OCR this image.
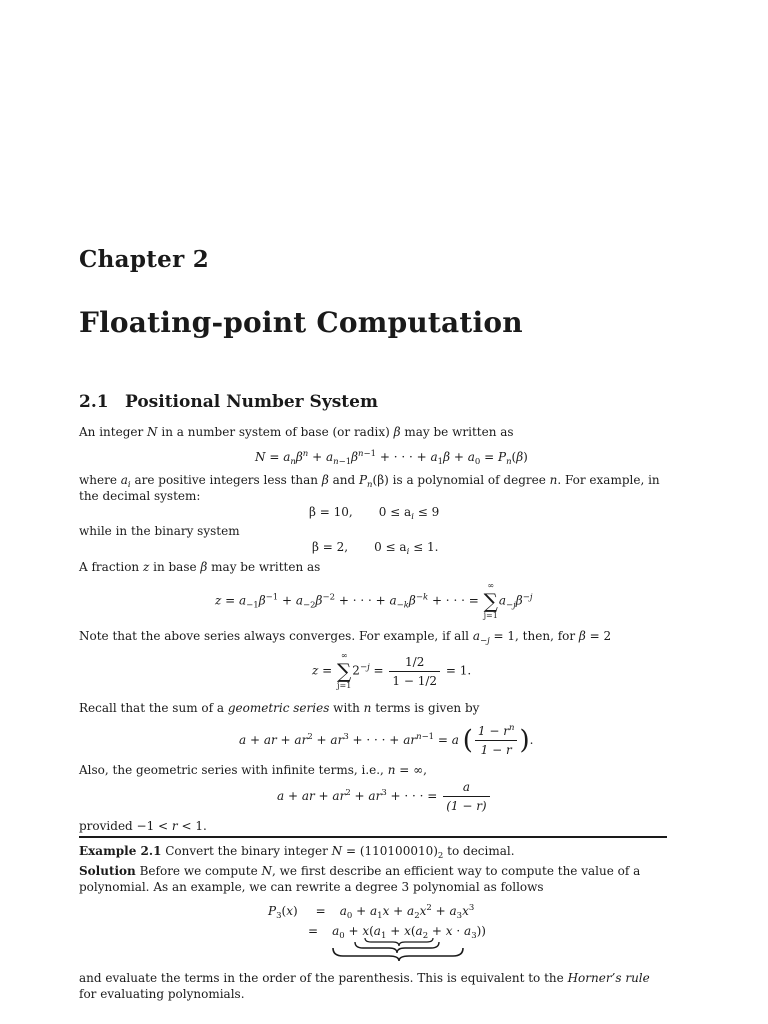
Chapter 2
Floating-point Computation
2.1 Positional Number System
An integer N in a number system of base (or radix) β may be written as
$N = a_n\beta^n + a_{n-1}\beta^{n-1}$ + · · · + $a_1\beta + a_0 = P_n(\beta)$
where $a_i$ are positive integers less than β and $P_n(\beta)$ is a polynomial of degree n. For example, in the decimal system:
β = 10, $0 \le a_i \le 9$
while in the binary system
β = 2, $0 \le a_i \le 1$.
A fraction z in base β may be written as
$z = a_{-1}\beta^{-1} + a_{-2}\beta^{-2}$ + · · · + $a_{-k}\beta^{-k}$ + · · · =
∞
∑
j=1
$a_{-j}\beta^{-j}$
Note that the above series always converges. For example, if all $a_{-j} = 1$, then, for β = 2
z =
∞
∑
j=1
$2^{-j} = \frac{1/2}{1 - 1/2} = 1$.
Recall that the sum of a geometric series with n terms is given by
a + ar + $ar^2 + ar^3$ + · · · + $ar^{n-1} = a$ ( $\frac{1 - r^n}{1 - r}$ ).
Also, the geometric series with infinite terms, i.e., n = ∞,
a + ar + $ar^2 + ar^3$ + · · · = $\frac{a}{(1 - r)}$
provided −1 < r < 1.
Example 2.1 Convert the binary integer $N = (110100010)_2$ to decimal.
Solution Before we compute N, we first describe an efficient way to compute the value of a polynomial. As an example, we can rewrite a degree 3 polynomial as follows
$P_3(x) = a_0 + a_1x + a_2x^2 + a_3x^3$
= $a_0 + x(a_1 + x(a_2 + x \cdot a_3))$
and evaluate the terms in the order of the parenthesis. This is equivalent to the Horner’s rule for evaluating polynomials.
